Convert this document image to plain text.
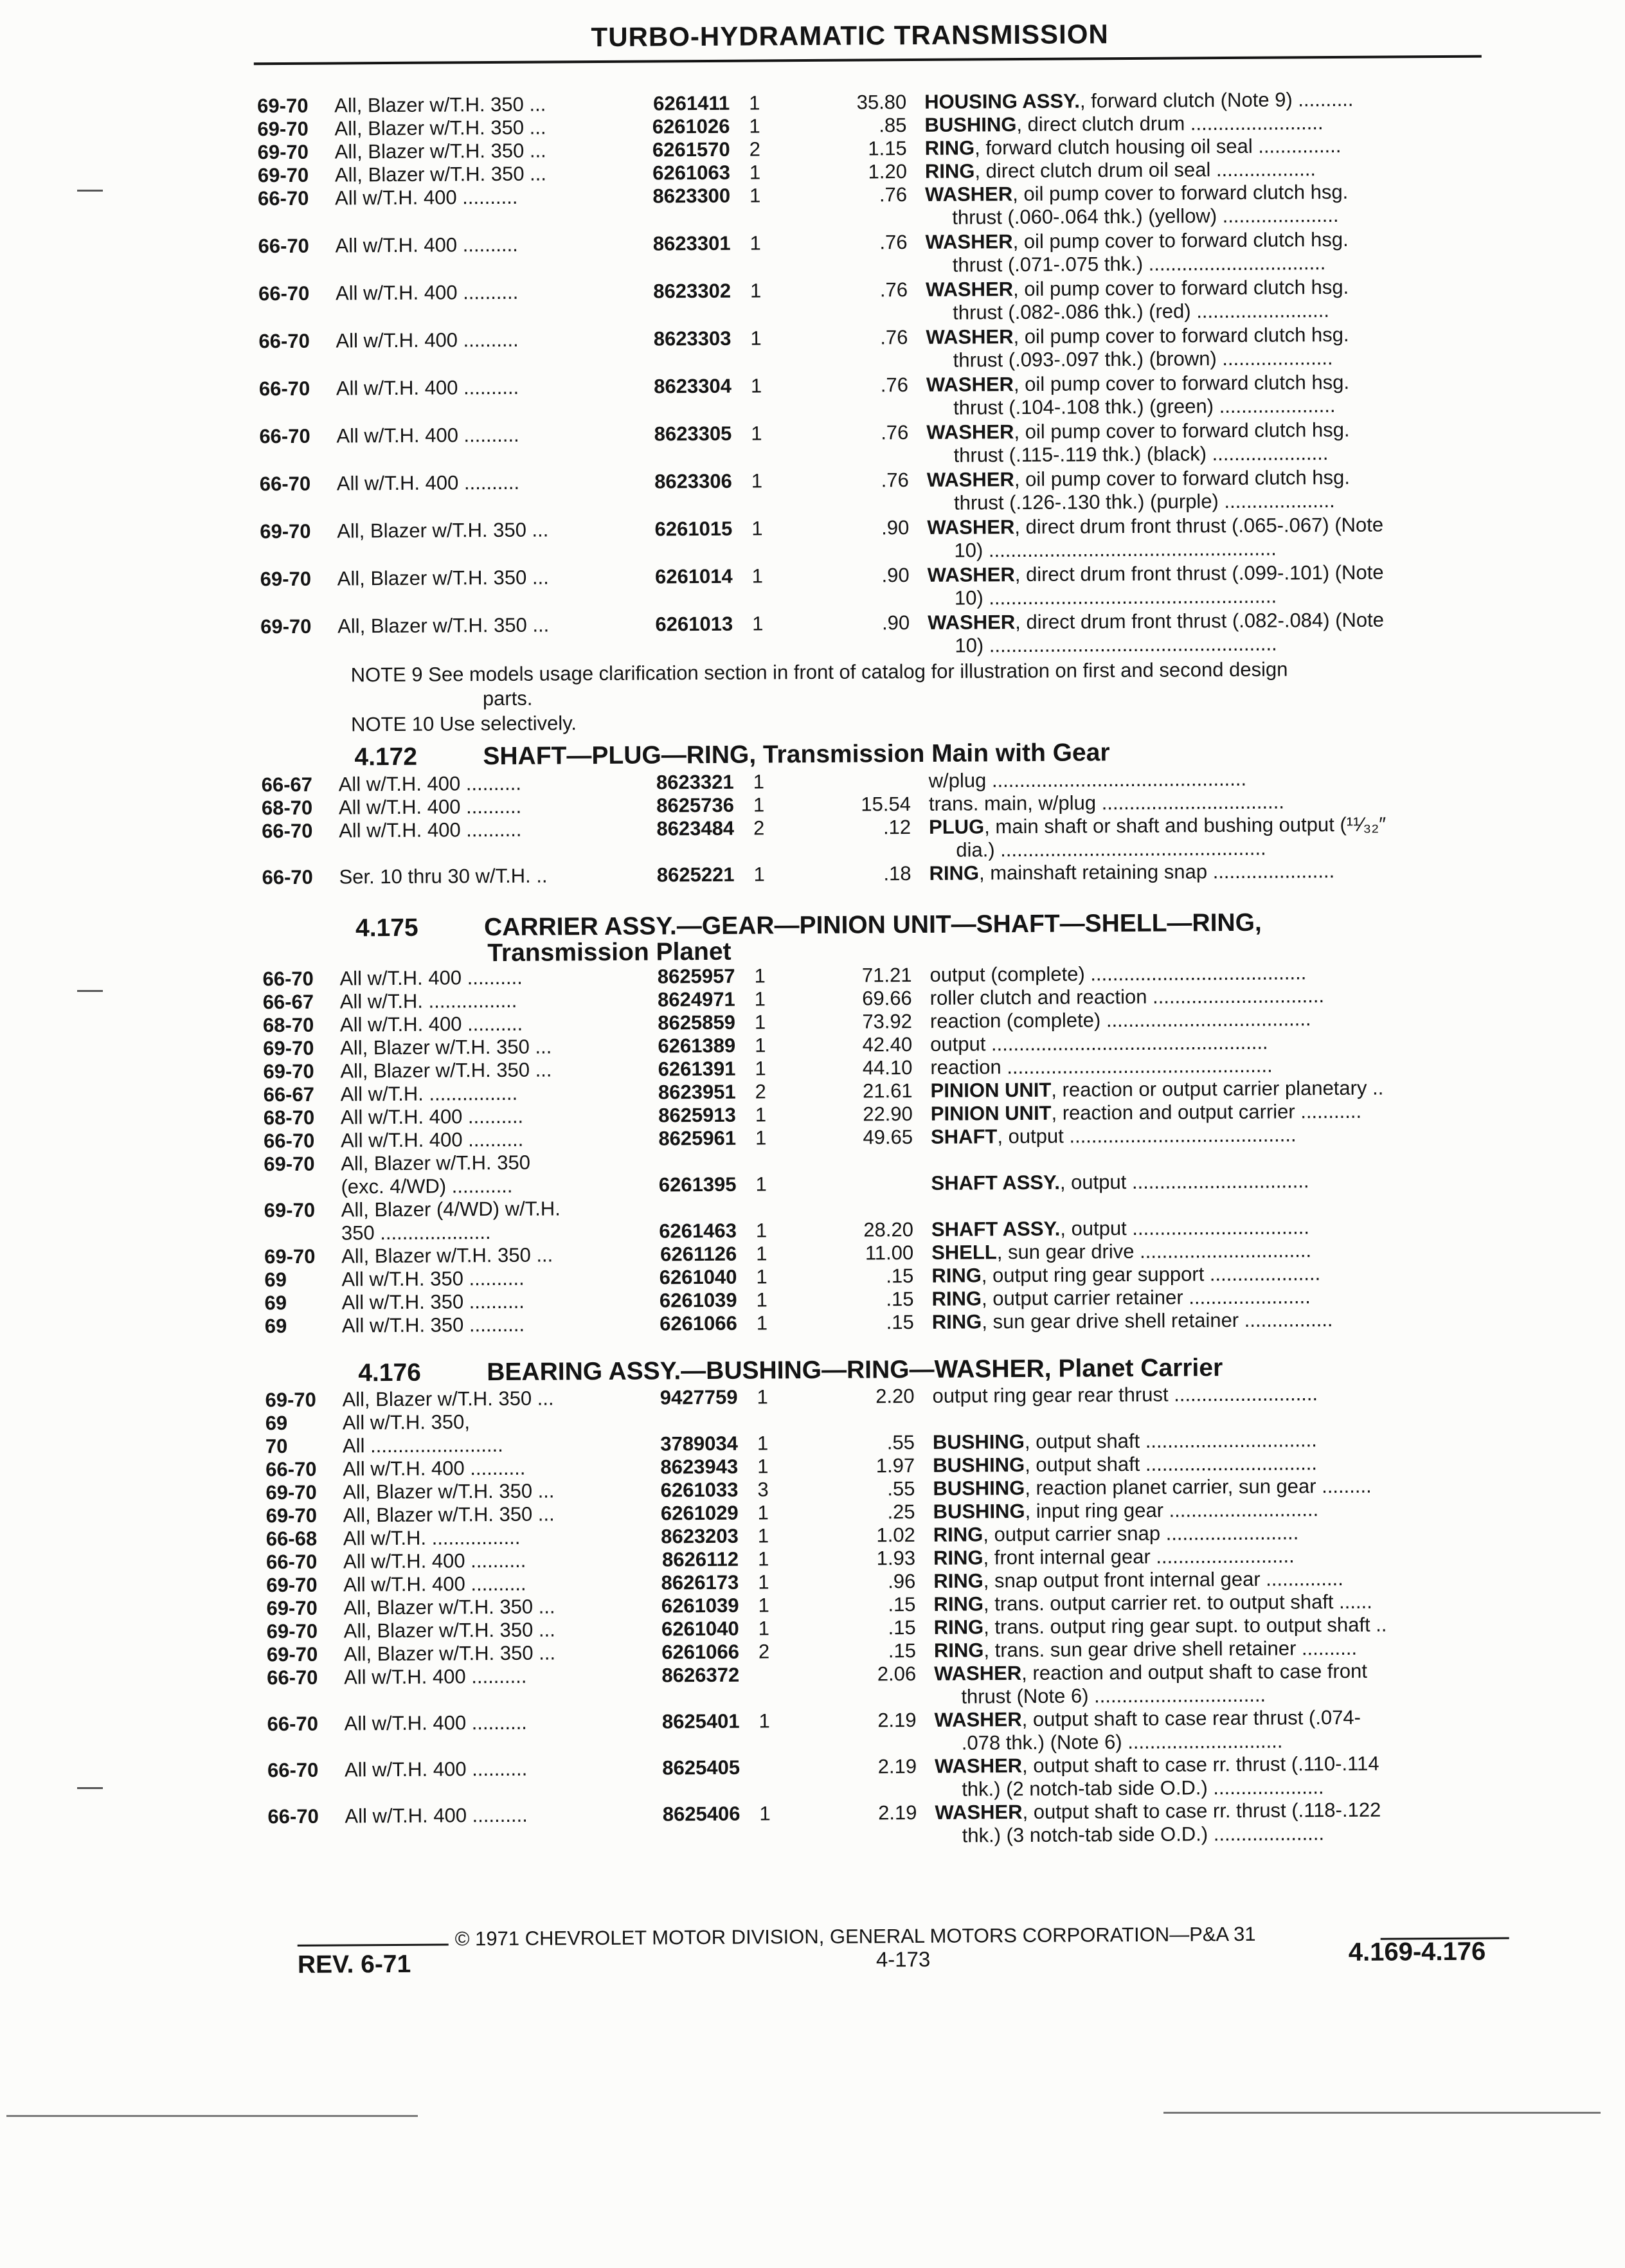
TURBO-HYDRAMATIC TRANSMISSION
69-70 All, Blazer w/T.H. 350 ...	6261411 1	35.80 HOUSING ASSY., forward clutch (Note 9) ..........
69-70 All, Blazer w/T.H. 350 ...	6261026 1	.85 BUSHING, direct clutch drum ........................
69-70 All, Blazer w/T.H. 350 ...	6261570 2	1.15 RING, forward clutch housing oil seal ...............
69-70 All, Blazer w/T.H. 350 ...	6261063 1	1.20 RING, direct clutch drum oil seal ..................
66-70 All w/T.H. 400 ..........	8623300 1	.76 WASHER, oil pump cover to forward clutch hsg.
thrust (.060-.064 thk.) (yellow) .....................
66-70 All w/T.H. 400 ..........	8623301 1	.76 WASHER, oil pump cover to forward clutch hsg.
thrust (.071-.075 thk.) ................................
66-70 All w/T.H. 400 ..........	8623302 1	.76 WASHER, oil pump cover to forward clutch hsg.
thrust (.082-.086 thk.) (red) ........................
66-70 All w/T.H. 400 ..........	8623303 1	.76 WASHER, oil pump cover to forward clutch hsg.
thrust (.093-.097 thk.) (brown) ....................
66-70 All w/T.H. 400 ..........	8623304 1	.76 WASHER, oil pump cover to forward clutch hsg.
thrust (.104-.108 thk.) (green) .....................
66-70 All w/T.H. 400 ..........	8623305 1	.76 WASHER, oil pump cover to forward clutch hsg.
thrust (.115-.119 thk.) (black) .....................
66-70 All w/T.H. 400 ..........	8623306 1	.76 WASHER, oil pump cover to forward clutch hsg.
thrust (.126-.130 thk.) (purple) ....................
69-70 All, Blazer w/T.H. 350 ...	6261015 1	.90 WASHER, direct drum front thrust (.065-.067) (Note
10) ....................................................
69-70 All, Blazer w/T.H. 350 ...	6261014 1	.90 WASHER, direct drum front thrust (.099-.101) (Note
10) ....................................................
69-70 All, Blazer w/T.H. 350 ...	6261013 1	.90 WASHER, direct drum front thrust (.082-.084) (Note
10) ....................................................
NOTE 9 See models usage clarification section in front of catalog for illustration on first and second design
parts.
NOTE 10 Use selectively.
4.172	SHAFT—PLUG—RING, Transmission Main with Gear
66-67 All w/T.H. 400 ..........	8623321 1	w/plug ..............................................
68-70 All w/T.H. 400 ..........	8625736 1	15.54 trans. main, w/plug .................................
66-70 All w/T.H. 400 ..........	8623484 2	.12 PLUG, main shaft or shaft and bushing output (¹¹⁄₃₂″
dia.) ................................................
66-70 Ser. 10 thru 30 w/T.H. ..	8625221 1	.18 RING, mainshaft retaining snap ......................
4.175	CARRIER ASSY.—GEAR—PINION UNIT—SHAFT—SHELL—RING,
Transmission Planet
66-70 All w/T.H. 400 ..........	8625957 1	71.21 output (complete) .......................................
66-67 All w/T.H. ................	8624971 1	69.66 roller clutch and reaction ...............................
68-70 All w/T.H. 400 ..........	8625859 1	73.92 reaction (complete) .....................................
69-70 All, Blazer w/T.H. 350 ...	6261389 1	42.40 output ..................................................
69-70 All, Blazer w/T.H. 350 ...	6261391 1	44.10 reaction ................................................
66-67 All w/T.H. ................	8623951 2	21.61 PINION UNIT, reaction or output carrier planetary ..
68-70 All w/T.H. 400 ..........	8625913 1	22.90 PINION UNIT, reaction and output carrier ...........
66-70 All w/T.H. 400 ..........	8625961 1	49.65 SHAFT, output .........................................
69-70 All, Blazer w/T.H. 350
(exc. 4/WD) ...........	6261395 1	SHAFT ASSY., output ................................
69-70 All, Blazer (4/WD) w/T.H.
350 ....................	6261463 1	28.20 SHAFT ASSY., output ................................
69-70 All, Blazer w/T.H. 350 ...	6261126 1	11.00 SHELL, sun gear drive ...............................
69	All w/T.H. 350 ..........	6261040 1	.15 RING, output ring gear support ....................
69	All w/T.H. 350 ..........	6261039 1	.15 RING, output carrier retainer ......................
69	All w/T.H. 350 ..........	6261066 1	.15 RING, sun gear drive shell retainer ................
4.176	BEARING ASSY.—BUSHING—RING—WASHER, Planet Carrier
69-70 All, Blazer w/T.H. 350 ...	9427759 1	2.20 output ring gear rear thrust ..........................
69	All w/T.H. 350,
70	All ........................	3789034 1	.55 BUSHING, output shaft ...............................
66-70 All w/T.H. 400 ..........	8623943 1	1.97 BUSHING, output shaft ...............................
69-70 All, Blazer w/T.H. 350 ...	6261033 3	.55 BUSHING, reaction planet carrier, sun gear .........
69-70 All, Blazer w/T.H. 350 ...	6261029 1	.25 BUSHING, input ring gear ...........................
66-68 All w/T.H. ................	8623203 1	1.02 RING, output carrier snap ........................
66-70 All w/T.H. 400 ..........	8626112 1	1.93 RING, front internal gear .........................
69-70 All w/T.H. 400 ..........	8626173 1	.96 RING, snap output front internal gear ..............
69-70 All, Blazer w/T.H. 350 ...	6261039 1	.15 RING, trans. output carrier ret. to output shaft ......
69-70 All, Blazer w/T.H. 350 ...	6261040 1	.15 RING, trans. output ring gear supt. to output shaft ..
69-70 All, Blazer w/T.H. 350 ...	6261066 2	.15 RING, trans. sun gear drive shell retainer ..........
66-70 All w/T.H. 400 ..........	8626372	2.06 WASHER, reaction and output shaft to case front
thrust (Note 6) ...............................
66-70 All w/T.H. 400 ..........	8625401 1	2.19 WASHER, output shaft to case rear thrust (.074-
.078 thk.) (Note 6) ............................
66-70 All w/T.H. 400 ..........	8625405	2.19 WASHER, output shaft to case rr. thrust (.110-.114
thk.) (2 notch-tab side O.D.) ....................
66-70 All w/T.H. 400 ..........	8625406 1	2.19 WASHER, output shaft to case rr. thrust (.118-.122
thk.) (3 notch-tab side O.D.) ....................
© 1971 CHEVROLET MOTOR DIVISION, GENERAL MOTORS CORPORATION—P&A 31
REV. 6-71	4-173	4.169-4.176
